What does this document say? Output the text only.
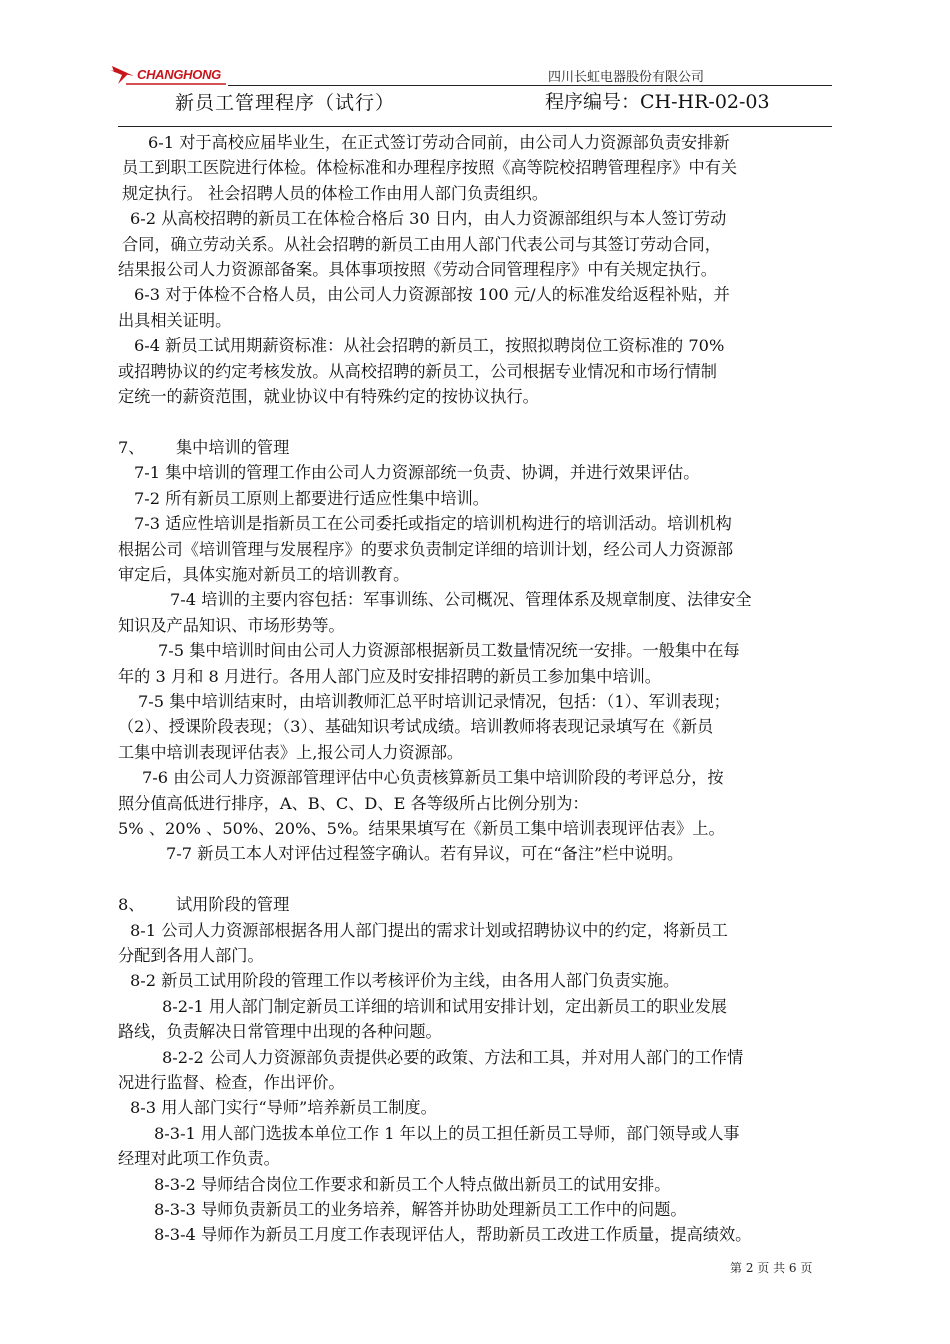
CHANGHONG	四川长虹电器股份有限公司
新员工管理程序（试行）	程序编号：CH-HR-02-03

6-1 对于高校应届毕业生，在正式签订劳动合同前，由公司人力资源部负责安排新

员工到职工医院进行体检。体检标准和办理程序按照《高等院校招聘管理程序》中有关

规定执行。 社会招聘人员的体检工作由用人部门负责组织。

6-2 从高校招聘的新员工在体检合格后 30 日内，由人力资源部组织与本人签订劳动

合同，确立劳动关系。从社会招聘的新员工由用人部门代表公司与其签订劳动合同，

结果报公司人力资源部备案。具体事项按照《劳动合同管理程序》中有关规定执行。

6-3 对于体检不合格人员，由公司人力资源部按 100 元/人的标准发给返程补贴，并

出具相关证明。

6-4 新员工试用期薪资标准：从社会招聘的新员工，按照拟聘岗位工资标准的 70%

或招聘协议的约定考核发放。从高校招聘的新员工，公司根据专业情况和市场行情制

定统一的薪资范围，就业协议中有特殊约定的按协议执行。

7、 集中培训的管理

7-1 集中培训的管理工作由公司人力资源部统一负责、协调，并进行效果评估。

7-2 所有新员工原则上都要进行适应性集中培训。

7-3 适应性培训是指新员工在公司委托或指定的培训机构进行的培训活动。培训机构

根据公司《培训管理与发展程序》的要求负责制定详细的培训计划，经公司人力资源部

审定后，具体实施对新员工的培训教育。

7-4 培训的主要内容包括：军事训练、公司概况、管理体系及规章制度、法律安全

知识及产品知识、市场形势等。

7-5 集中培训时间由公司人力资源部根据新员工数量情况统一安排。一般集中在每

年的 3 月和 8 月进行。各用人部门应及时安排招聘的新员工参加集中培训。

7-5 集中培训结束时，由培训教师汇总平时培训记录情况，包括：（1）、军训表现；

（2）、授课阶段表现；（3）、基础知识考试成绩。培训教师将表现记录填写在《新员

工集中培训表现评估表》上,报公司人力资源部。

7-6 由公司人力资源部管理评估中心负责核算新员工集中培训阶段的考评总分，按

照分值高低进行排序，A、B、C、D、E 各等级所占比例分别为：

5% 、20% 、50%、20%、5%。结果果填写在《新员工集中培训表现评估表》上。

7-7 新员工本人对评估过程签字确认。若有异议，可在“备注”栏中说明。

8、 试用阶段的管理

8-1 公司人力资源部根据各用人部门提出的需求计划或招聘协议中的约定，将新员工

分配到各用人部门。

8-2 新员工试用阶段的管理工作以考核评价为主线，由各用人部门负责实施。

8-2-1 用人部门制定新员工详细的培训和试用安排计划，定出新员工的职业发展

路线，负责解决日常管理中出现的各种问题。

8-2-2 公司人力资源部负责提供必要的政策、方法和工具，并对用人部门的工作情

况进行监督、检查，作出评价。

8-3 用人部门实行“导师”培养新员工制度。

8-3-1 用人部门选拔本单位工作 1 年以上的员工担任新员工导师，部门领导或人事

经理对此项工作负责。

8-3-2 导师结合岗位工作要求和新员工个人特点做出新员工的试用安排。

8-3-3 导师负责新员工的业务培养，解答并协助处理新员工工作中的问题。

8-3-4 导师作为新员工月度工作表现评估人，帮助新员工改进工作质量，提高绩效。

第 2 页 共 6 页
